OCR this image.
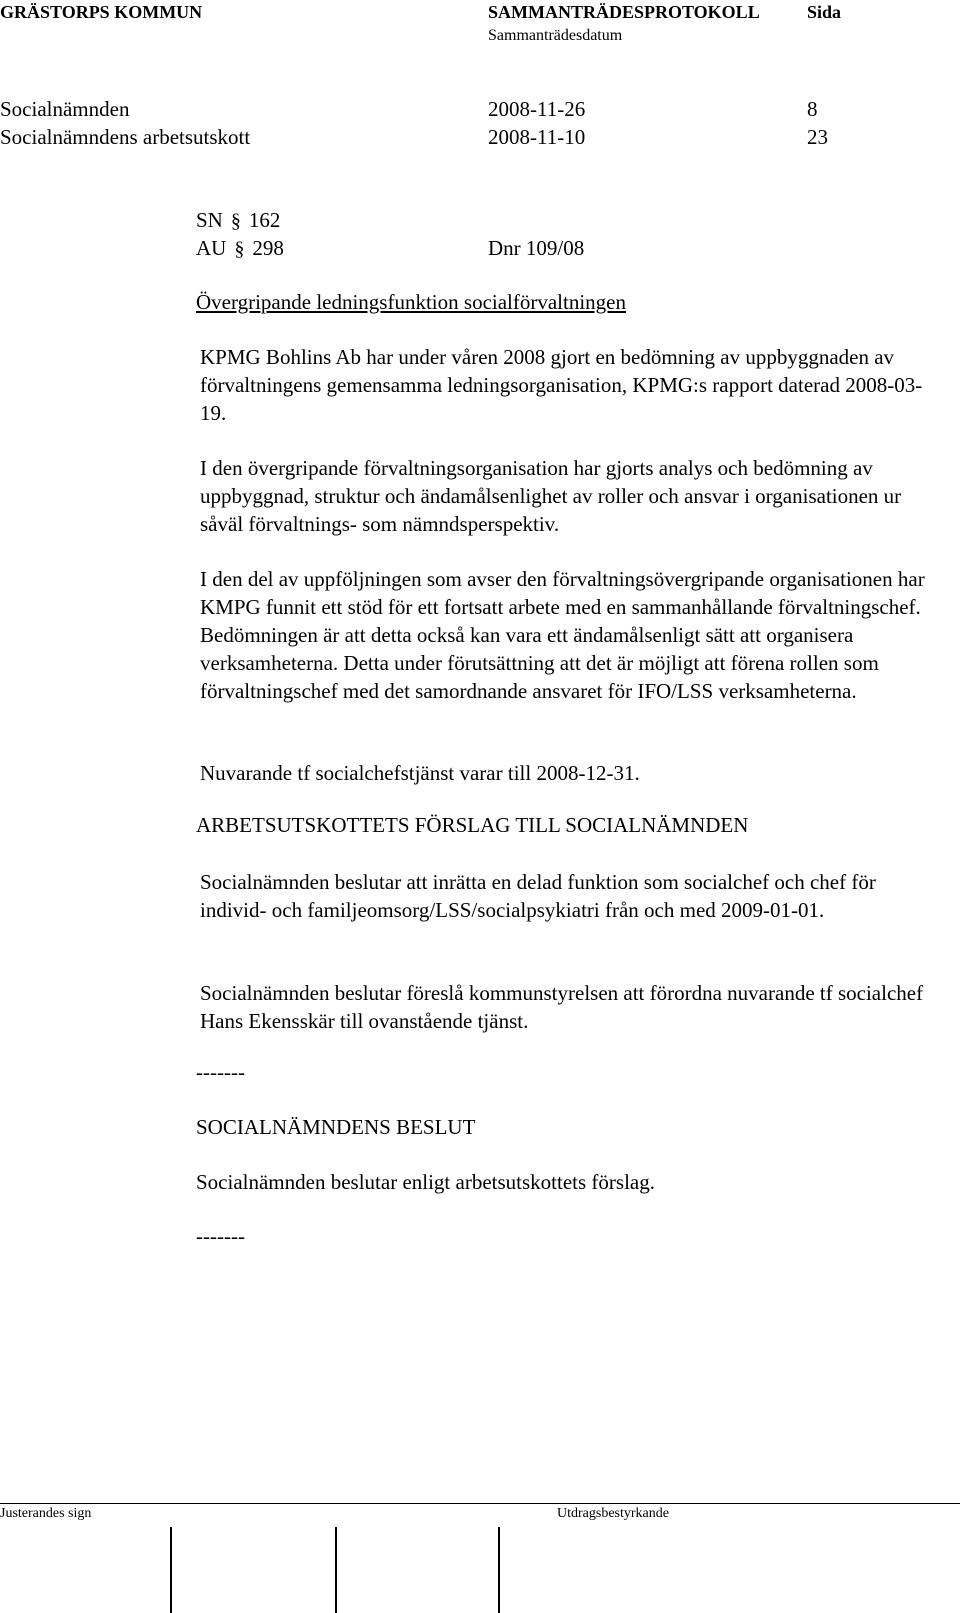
GRÄSTORPS KOMMUN	SAMMANTRÄDESPROTOKOLL	Sida
Sammanträdesdatum
Socialnämnden	2008-11-26	8
Socialnämndens arbetsutskott	2008-11-10	23
SN § 162
AU § 298	Dnr 109/08
Övergripande ledningsfunktion socialförvaltningen

KPMG Bohlins Ab har under våren 2008 gjort en bedömning av uppbyggnaden av förvaltningens gemensamma ledningsorganisation, KPMG:s rapport daterad 2008-03-19.

I den övergripande förvaltningsorganisation har gjorts analys och bedömning av uppbyggnad, struktur och ändamålsenlighet av roller och ansvar i organisationen ur såväl förvaltnings- som nämndsperspektiv.

I den del av uppföljningen som avser den förvaltningsövergripande organisationen har KMPG funnit ett stöd för ett fortsatt arbete med en sammanhållande förvaltningschef. Bedömningen är att detta också kan vara ett ändamålsenligt sätt att organisera verksamheterna. Detta under förutsättning att det är möjligt att förena rollen som förvaltningschef med det samordnande ansvaret för IFO/LSS verksamheterna.

Nuvarande tf socialchefstjänst varar till 2008-12-31.

ARBETSUTSKOTTETS FÖRSLAG TILL SOCIALNÄMNDEN

Socialnämnden beslutar att inrätta en delad funktion som socialchef och chef för individ- och familjeomsorg/LSS/socialpsykiatri från och med 2009-01-01.

Socialnämnden beslutar föreslå kommunstyrelsen att förordna nuvarande tf socialchef Hans Ekensskär till ovanstående tjänst.

-------
SOCIALNÄMNDENS BESLUT
Socialnämnden beslutar enligt arbetsutskottets förslag.
-------
Justerandes sign	Utdragsbestyrkande
